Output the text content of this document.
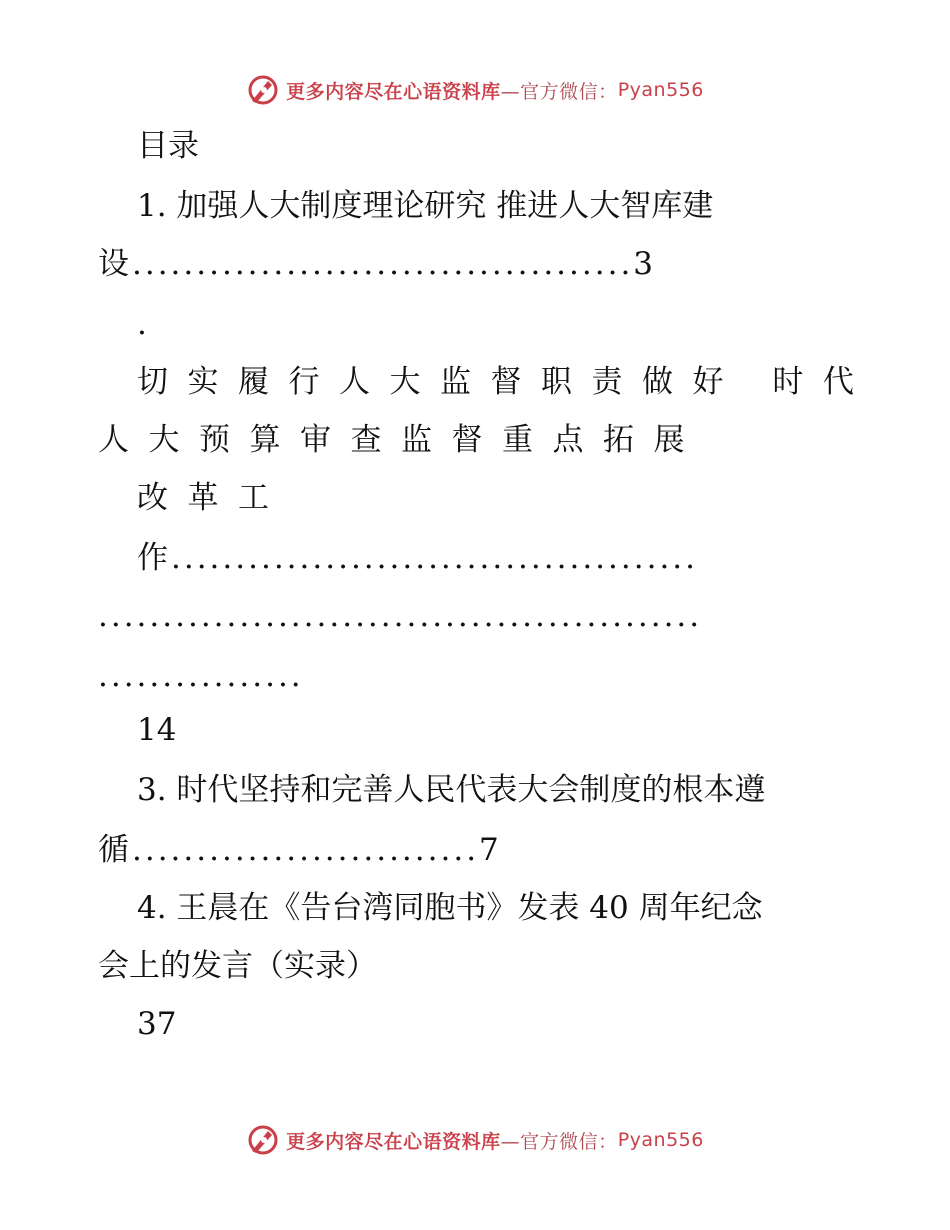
更多内容尽在心语资料库 —官方微信： Pyan556
目录
1. 加强人大制度理论研究 推进人大智库建
设.......................................3
.
切实履行人大监督职责做好 时代
人大预算审查监督重点拓展
改革工
作.........................................
...............................................
................
14
3. 时代坚持和完善人民代表大会制度的根本遵
循...........................7
4. 王晨在《告台湾同胞书》发表 40 周年纪念
会上的发言（实录）
37
更多内容尽在心语资料库 —官方微信： Pyan556
